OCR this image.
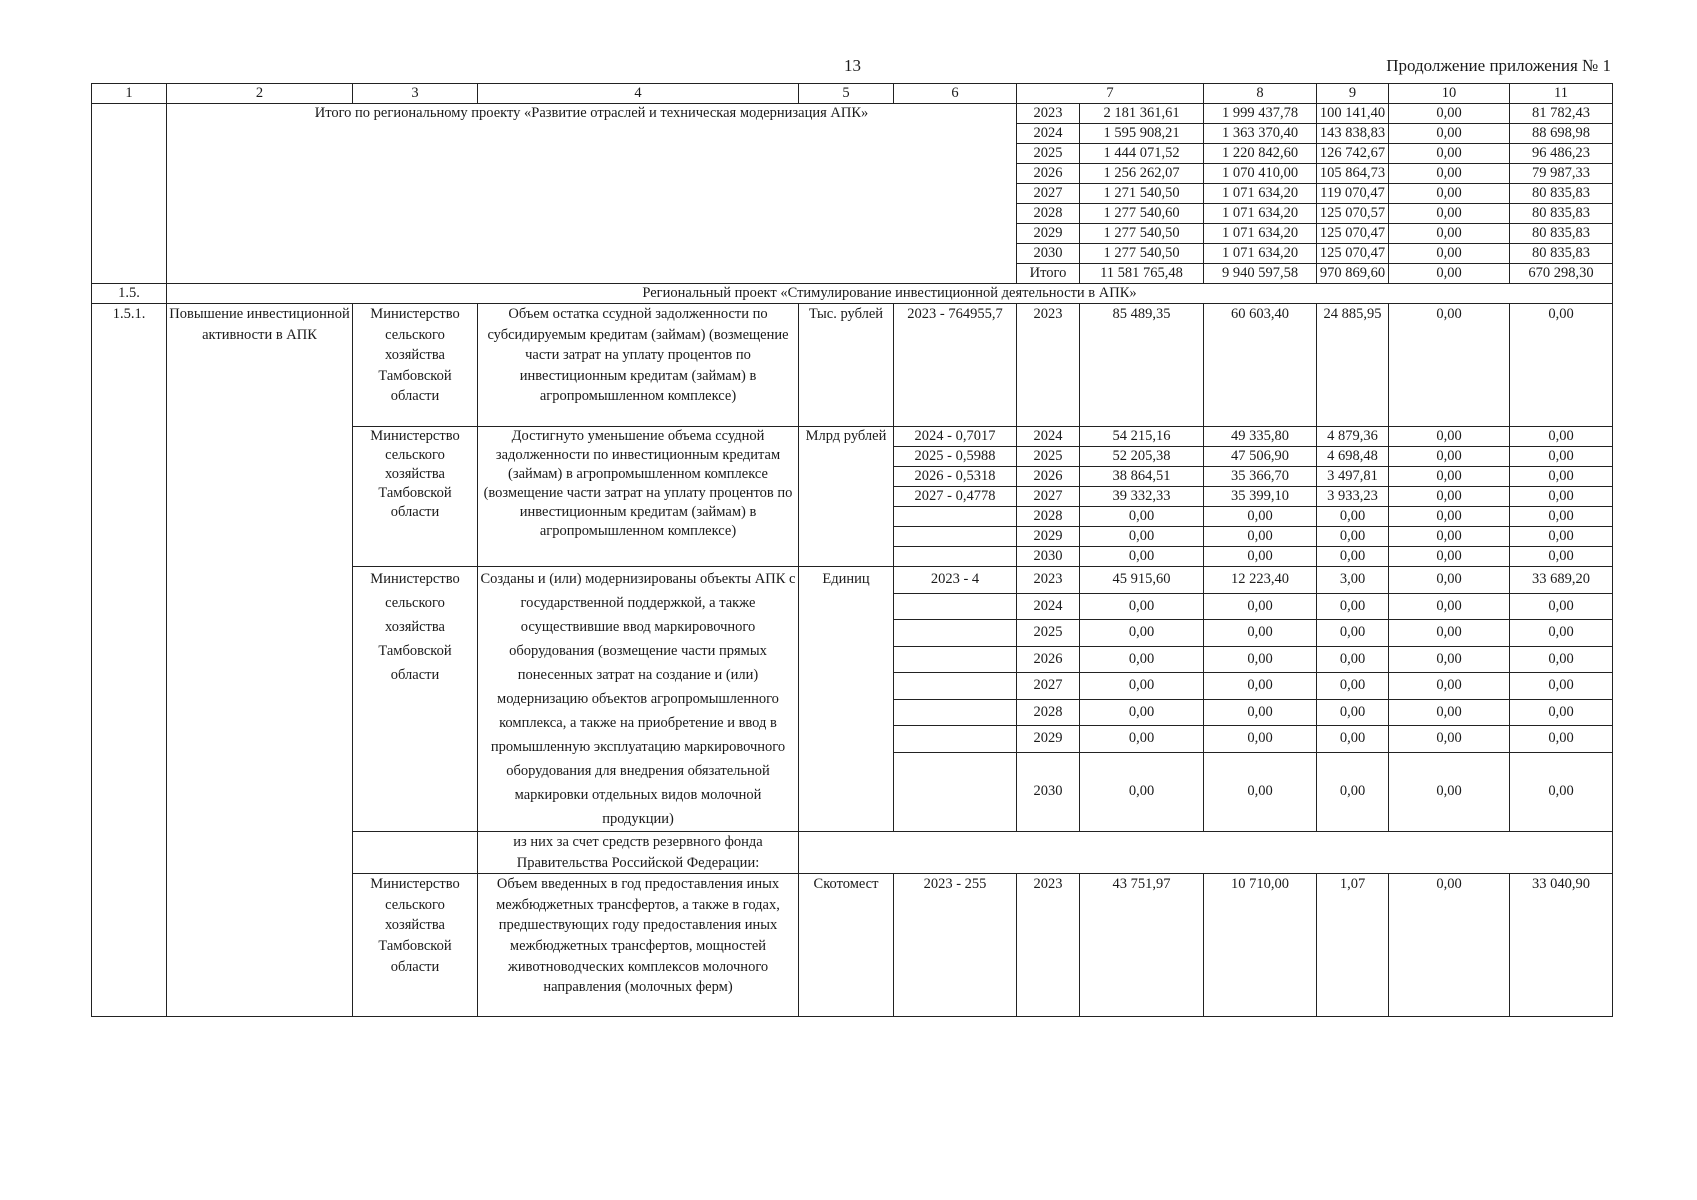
13	Продолжение приложения № 1
1	2	3	4	5	6	7		8	9	10	11
	Итого по региональному проекту «Развитие отраслей и техническая модернизация АПК»					2023	2 181 361,61	1 999 437,78	100 141,40	0,00	81 782,43
						2024	1 595 908,21	1 363 370,40	143 838,83	0,00	88 698,98
						2025	1 444 071,52	1 220 842,60	126 742,67	0,00	96 486,23
						2026	1 256 262,07	1 070 410,00	105 864,73	0,00	79 987,33
						2027	1 271 540,50	1 071 634,20	119 070,47	0,00	80 835,83
						2028	1 277 540,60	1 071 634,20	125 070,57	0,00	80 835,83
						2029	1 277 540,50	1 071 634,20	125 070,47	0,00	80 835,83
						2030	1 277 540,50	1 071 634,20	125 070,47	0,00	80 835,83
						Итого	11 581 765,48	9 940 597,58	970 869,60	0,00	670 298,30
1.5.	Региональный проект «Стимулирование инвестиционной деятельности в АПК»										
1.5.1.	Повышение инвестиционной активности в АПК	Министерство сельского хозяйства Тамбовской области	Объем остатка ссудной задолженности по субсидируемым кредитам (займам) (возмещение части затрат на уплату процентов по инвестиционным кредитам (займам) в агропромышленном комплексе)	Тыс. рублей	2023 - 764955,7	2023	85 489,35	60 603,40	24 885,95	0,00	0,00
		Министерство сельского хозяйства Тамбовской области	Достигнуто уменьшение объема ссудной задолженности по инвестиционным кредитам (займам) в агропромышленном комплексе (возмещение части затрат на уплату процентов по инвестиционным кредитам (займам) в агропромышленном комплексе)	Млрд рублей	2024 - 0,7017	2024	54 215,16	49 335,80	4 879,36	0,00	0,00
					2025 - 0,5988	2025	52 205,38	47 506,90	4 698,48	0,00	0,00
					2026 - 0,5318	2026	38 864,51	35 366,70	3 497,81	0,00	0,00
					2027 - 0,4778	2027	39 332,33	35 399,10	3 933,23	0,00	0,00
						2028	0,00	0,00	0,00	0,00	0,00
						2029	0,00	0,00	0,00	0,00	0,00
						2030	0,00	0,00	0,00	0,00	0,00
		Министерство сельского хозяйства Тамбовской области	Созданы и (или) модернизированы объекты АПК с государственной поддержкой, а также осуществившие ввод маркировочного оборудования (возмещение части прямых понесенных затрат на создание и (или) модернизацию объектов агропромышленного комплекса, а также на приобретение и ввод в промышленную эксплуатацию маркировочного оборудования для внедрения обязательной маркировки отдельных видов молочной продукции)	Единиц	2023 - 4	2023	45 915,60	12 223,40	3,00	0,00	33 689,20
						2024	0,00	0,00	0,00	0,00	0,00
						2025	0,00	0,00	0,00	0,00	0,00
						2026	0,00	0,00	0,00	0,00	0,00
						2027	0,00	0,00	0,00	0,00	0,00
						2028	0,00	0,00	0,00	0,00	0,00
						2029	0,00	0,00	0,00	0,00	0,00
						2030	0,00	0,00	0,00	0,00	0,00
			из них за счет средств резервного фонда Правительства Российской Федерации:								
		Министерство сельского хозяйства Тамбовской области	Объем введенных в год предоставления иных межбюджетных трансфертов, а также в годах, предшествующих году предоставления иных межбюджетных трансфертов, мощностей животноводческих комплексов молочного направления (молочных ферм)	Скотомест	2023 - 255	2023	43 751,97	10 710,00	1,07	0,00	33 040,90
